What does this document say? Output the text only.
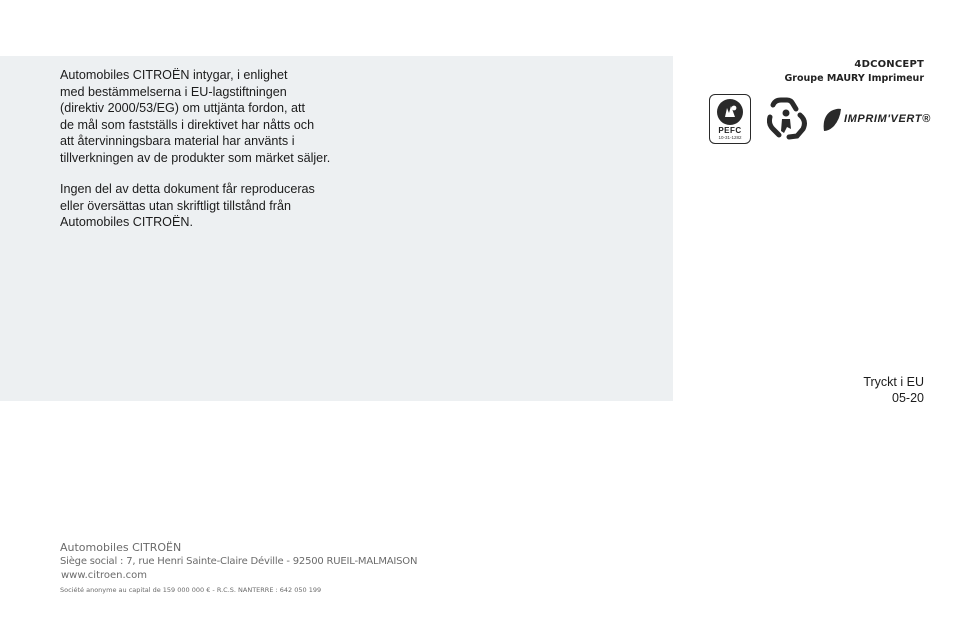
Automobiles CITROËN intygar, i enlighet
med bestämmelserna i EU-lagstiftningen
(direktiv 2000/53/EG) om uttjänta fordon, att
de mål som fastställs i direktivet har nåtts och
att återvinningsbara material har använts i
tillverkningen av de produkter som märket säljer.
Ingen del av detta dokument får reproduceras
eller översättas utan skriftligt tillstånd från
Automobiles CITROËN.
4DCONCEPT
Groupe MAURY Imprimeur
PEFC
10-31-1282
IMPRIM'VERT®
Tryckt i EU
05-20
Automobiles CITROËN
Siège social : 7, rue Henri Sainte-Claire Déville - 92500 RUEIL-MALMAISON
www.citroen.com
Société anonyme au capital de 159 000 000 € - R.C.S. NANTERRE : 642 050 199
